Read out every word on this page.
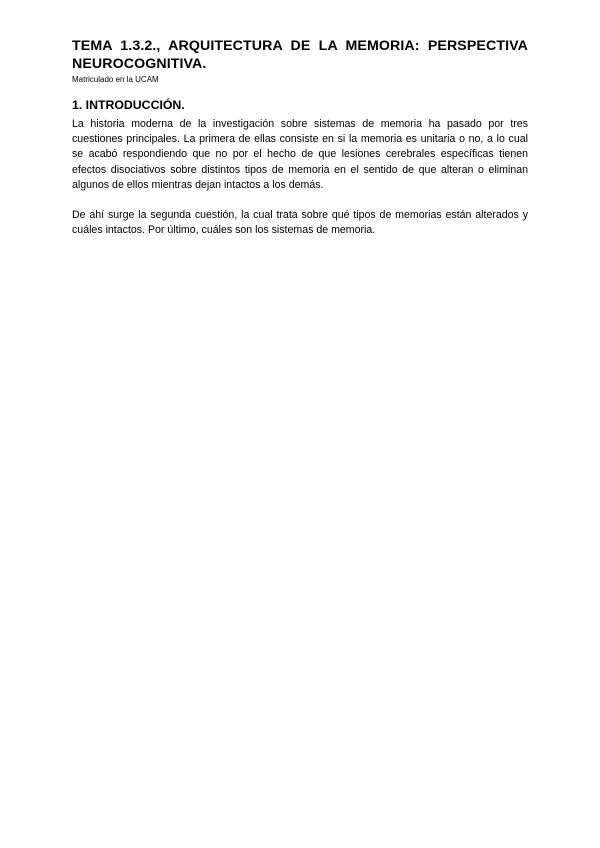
TEMA 1.3.2., ARQUITECTURA DE LA MEMORIA: PERSPECTIVA NEUROCOGNITIVA.
Matriculado en la UCAM
1. INTRODUCCIÓN.

La historia moderna de la investigación sobre sistemas de memoria ha pasado por tres cuestiones principales. La primera de ellas consiste en si la memoria es unitaria o no, a lo cual se acabó respondiendo que no por el hecho de que lesiones cerebrales específicas tienen efectos disociativos sobre distintos tipos de memoria en el sentido de que alteran o eliminan algunos de ellos mientras dejan intactos a los demás.

De ahí surge la segunda cuestión, la cual trata sobre qué tipos de memorias están alterados y cuáles intactos. Por último, cuáles son los sistemas de memoria.
